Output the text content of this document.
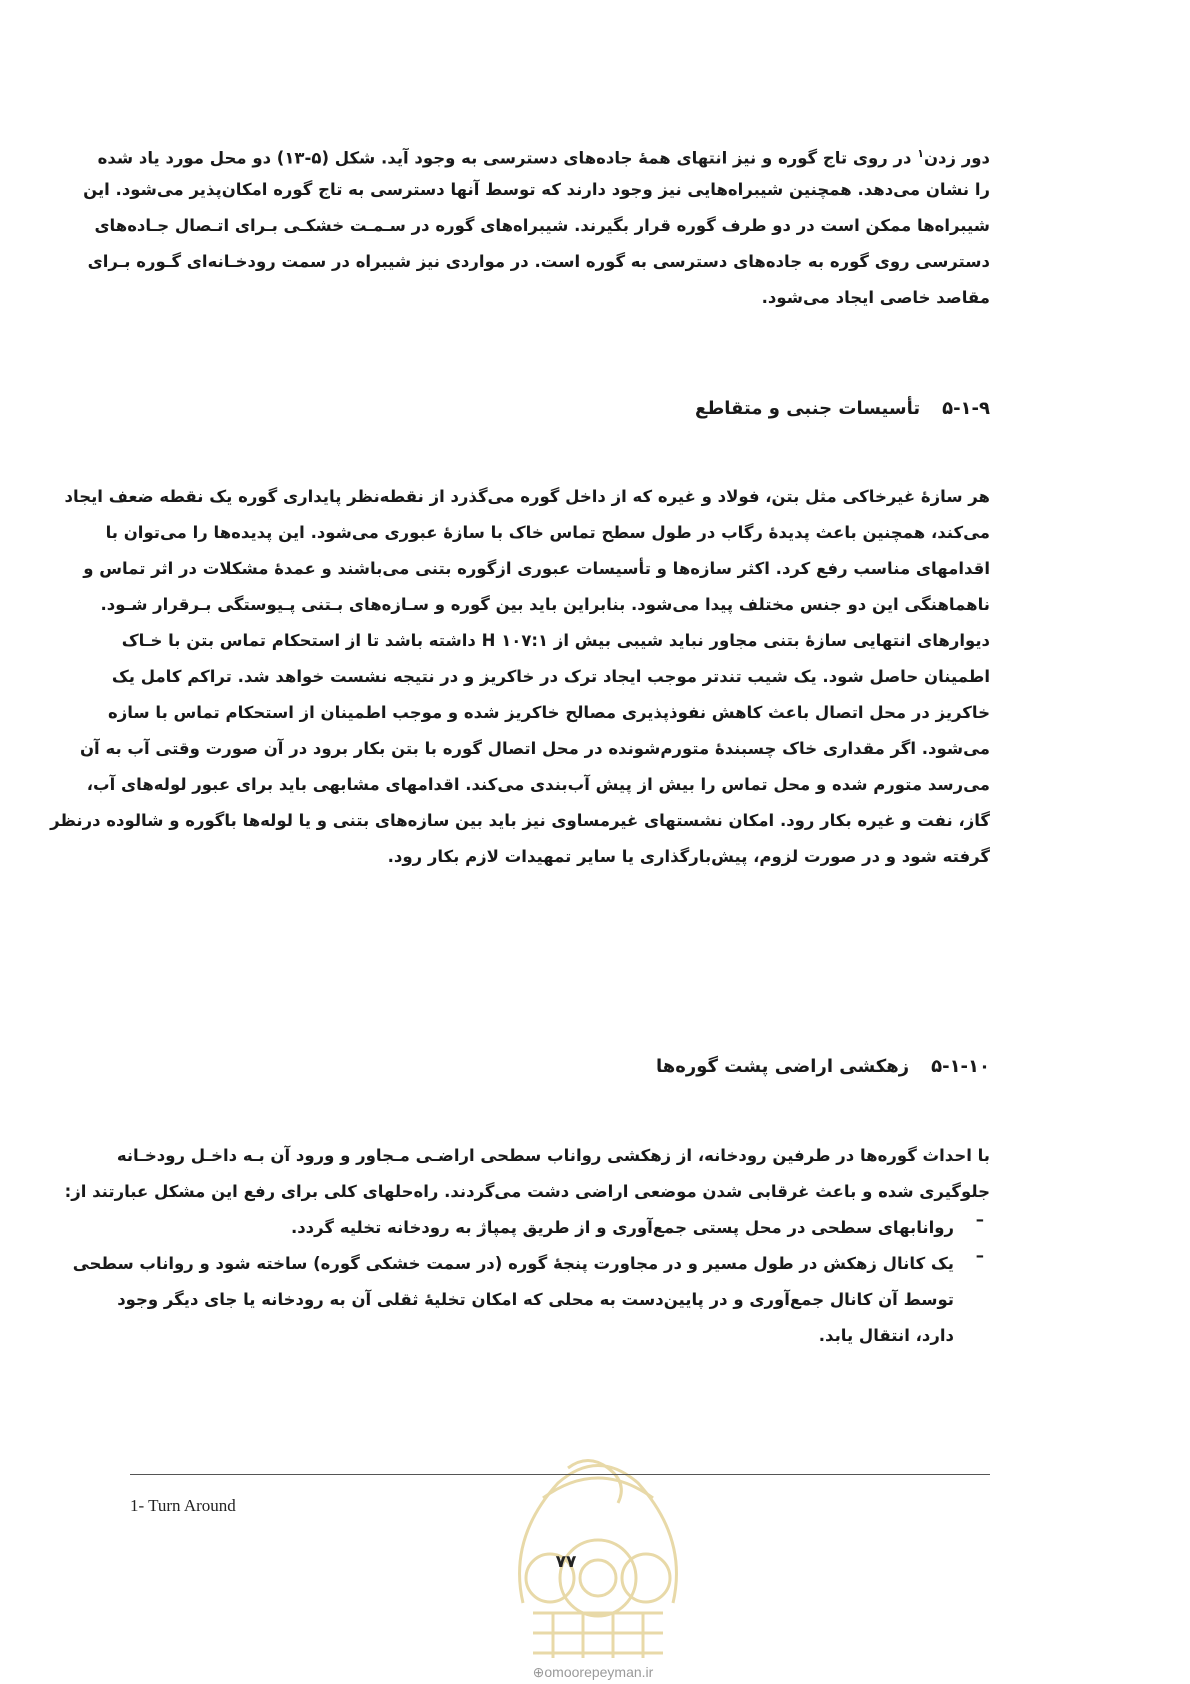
دور زدن$^۱$ در روی تاج گوره و نیز انتهای همهٔ جاده‌های دسترسی به وجود آید. شکل (۵-۱۳) دو محل مورد یاد شده
را نشان می‌دهد. همچنین شیبراه‌هایی نیز وجود دارند که توسط آنها دسترسی به تاج گوره امکان‌پذیر می‌شود. این
شیبراه‌ها ممکن است در دو طرف گوره قرار بگیرند. شیبراه‌های گوره در سـمـت خشکـی بـرای اتـصال جـاده‌های
دسترسی روی گوره به جاده‌های دسترسی به گوره است. در مواردی نیز شیبراه در سمت رودخـانه‌ای گـوره بـرای
مقاصد خاصی ایجاد می‌شود.
۵-۱-۹تأسیسات جنبی و متقاطع
هر سازهٔ غیرخاکی مثل بتن، فولاد و غیره که از داخل گوره می‌گذرد از نقطه‌نظر پایداری گوره یک نقطه ضعف ایجاد
می‌کند، همچنین باعث پدیدهٔ رگاب در طول سطح تماس خاک با سازهٔ عبوری می‌شود. این پدیده‌ها را می‌توان با
اقدامهای مناسب رفع کرد. اکثر سازه‌ها و تأسیسات عبوری ازگوره بتنی می‌باشند و عمدهٔ مشکلات در اثر تماس و
ناهماهنگی این دو جنس مختلف پیدا می‌شود. بنابراین باید بین گوره و سـازه‌های بـتنی پـیوستگی بـرقرار شـود.
دیوارهای انتهایی سازهٔ بتنی مجاور نباید شیبی بیش از H ۱۰۷:۱ داشته باشد تا از استحکام تماس بتن با خـاک
اطمینان حاصل شود. یک شیب تندتر موجب ایجاد ترک در خاکریز و در نتیجه نشست خواهد شد. تراکم کامل یک
خاکریز در محل اتصال باعث کاهش نفوذپذیری مصالح خاکریز شده و موجب اطمینان از استحکام تماس با سازه
می‌شود. اگر مقداری خاک چسبندهٔ متورم‌شونده در محل اتصال گوره با بتن بکار برود در آن صورت وقتی آب به آن
می‌رسد متورم شده و محل تماس را بیش از پیش آب‌بندی می‌کند. اقدامهای مشابهی باید برای عبور لوله‌های آب،
گاز، نفت و غیره بکار رود. امکان نشستهای غیرمساوی نیز باید بین سازه‌های بتنی و یا لوله‌ها باگوره و شالوده درنظر
گرفته شود و در صورت لزوم، پیش‌بارگذاری یا سایر تمهیدات لازم بکار رود.
۵-۱-۱۰زهکشی اراضی پشت گوره‌ها
با احداث گوره‌ها در طرفین رودخانه، از زهکشی رواناب سطحی اراضـی مـجاور و ورود آن بـه داخـل رودخـانه
جلوگیری شده و باعث غرقابی شدن موضعی اراضی دشت می‌گردند. راه‌حلهای کلی برای رفع این مشکل عبارتند از:
–
روانابهای سطحی در محل پستی جمع‌آوری و از طریق پمپاژ به رودخانه تخلیه گردد.
–
یک کانال زهکش در طول مسیر و در مجاورت پنجهٔ گوره (در سمت خشکی گوره) ساخته شود و رواناب سطحی
توسط آن کانال جمع‌آوری و در پایین‌دست به محلی که امکان تخلیهٔ ثقلی آن به رودخانه یا جای دیگر وجود
دارد، انتقال یابد.
۷۷
1- Turn Around
⊕omoorepeyman.ir
